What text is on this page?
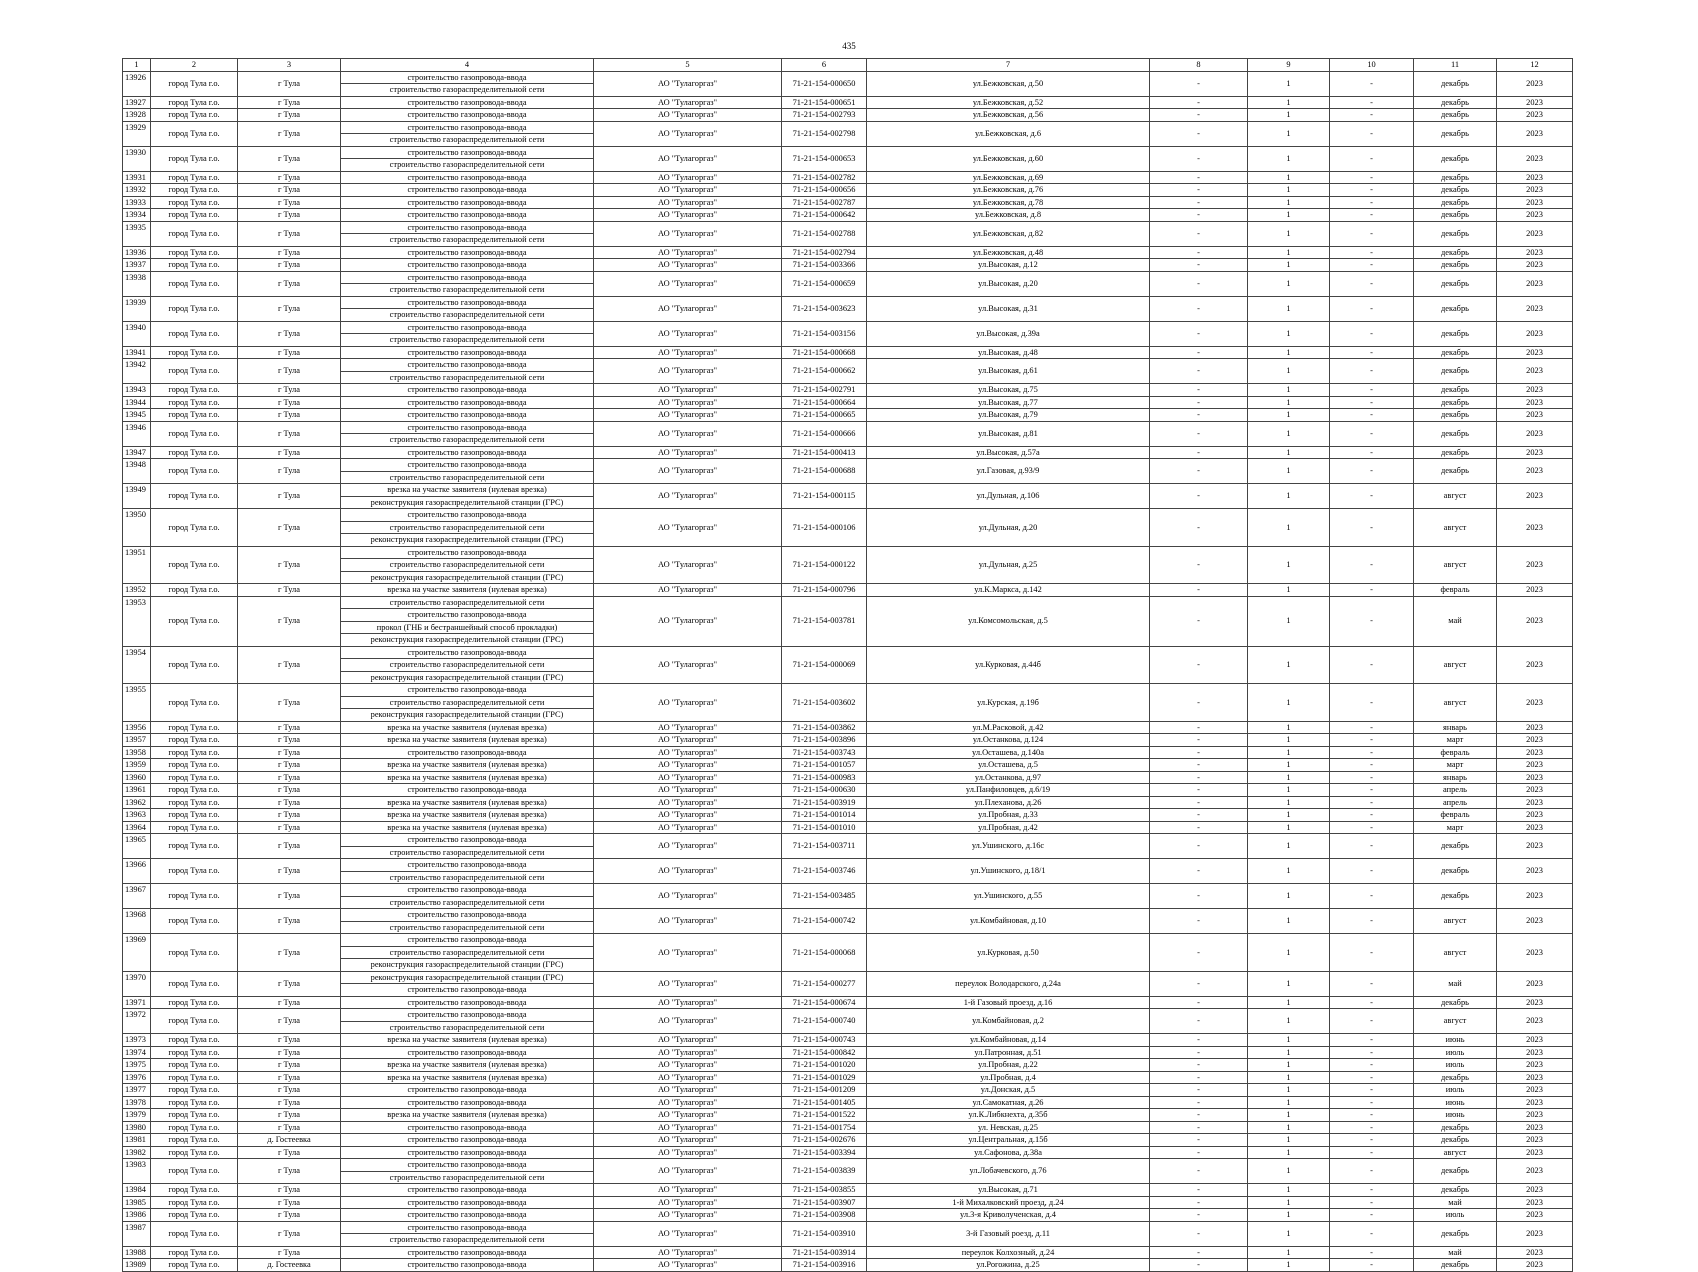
435
1	2	3	4	5	6	7	8	9	10	11	12
13926	город Тула г.о.	г Тула	строительство газопровода-ввода
строительство газораспределительной сети	АО "Тулагоргаз"	71-21-154-000650	ул.Бежковская, д.50	-	1	-	декабрь	2023
13927	город Тула г.о.	г Тула	строительство газопровода-ввода	АО "Тулагоргаз"	71-21-154-000651	ул.Бежковская, д.52	-	1	-	декабрь	2023
13928	город Тула г.о.	г Тула	строительство газопровода-ввода	АО "Тулагоргаз"	71-21-154-002793	ул.Бежковская, д.56	-	1	-	декабрь	2023
13929	город Тула г.о.	г Тула	строительство газопровода-ввода
строительство газораспределительной сети	АО "Тулагоргаз"	71-21-154-002798	ул.Бежковская, д.6	-	1	-	декабрь	2023
13930	город Тула г.о.	г Тула	строительство газопровода-ввода
строительство газораспределительной сети	АО "Тулагоргаз"	71-21-154-000653	ул.Бежковская, д.60	-	1	-	декабрь	2023
13931	город Тула г.о.	г Тула	строительство газопровода-ввода	АО "Тулагоргаз"	71-21-154-002782	ул.Бежковская, д.69	-	1	-	декабрь	2023
13932	город Тула г.о.	г Тула	строительство газопровода-ввода	АО "Тулагоргаз"	71-21-154-000656	ул.Бежковская, д.76	-	1	-	декабрь	2023
13933	город Тула г.о.	г Тула	строительство газопровода-ввода	АО "Тулагоргаз"	71-21-154-002787	ул.Бежковская, д.78	-	1	-	декабрь	2023
13934	город Тула г.о.	г Тула	строительство газопровода-ввода	АО "Тулагоргаз"	71-21-154-000642	ул.Бежковская, д.8	-	1	-	декабрь	2023
13935	город Тула г.о.	г Тула	строительство газопровода-ввода
строительство газораспределительной сети	АО "Тулагоргаз"	71-21-154-002788	ул.Бежковская, д.82	-	1	-	декабрь	2023
13936	город Тула г.о.	г Тула	строительство газопровода-ввода	АО "Тулагоргаз"	71-21-154-002794	ул.Бежковская, д.48	-	1	-	декабрь	2023
13937	город Тула г.о.	г Тула	строительство газопровода-ввода	АО "Тулагоргаз"	71-21-154-003366	ул.Высокая, д.12	-	1	-	декабрь	2023
13938	город Тула г.о.	г Тула	строительство газопровода-ввода
строительство газораспределительной сети	АО "Тулагоргаз"	71-21-154-000659	ул.Высокая, д.20	-	1	-	декабрь	2023
13939	город Тула г.о.	г Тула	строительство газопровода-ввода
строительство газораспределительной сети	АО "Тулагоргаз"	71-21-154-003623	ул.Высокая, д.31	-	1	-	декабрь	2023
13940	город Тула г.о.	г Тула	строительство газопровода-ввода
строительство газораспределительной сети	АО "Тулагоргаз"	71-21-154-003156	ул.Высокая, д.39а	-	1	-	декабрь	2023
13941	город Тула г.о.	г Тула	строительство газопровода-ввода	АО "Тулагоргаз"	71-21-154-000668	ул.Высокая, д.48	-	1	-	декабрь	2023
13942	город Тула г.о.	г Тула	строительство газопровода-ввода
строительство газораспределительной сети	АО "Тулагоргаз"	71-21-154-000662	ул.Высокая, д.61	-	1	-	декабрь	2023
13943	город Тула г.о.	г Тула	строительство газопровода-ввода	АО "Тулагоргаз"	71-21-154-002791	ул.Высокая, д.75	-	1	-	декабрь	2023
13944	город Тула г.о.	г Тула	строительство газопровода-ввода	АО "Тулагоргаз"	71-21-154-000664	ул.Высокая, д.77	-	1	-	декабрь	2023
13945	город Тула г.о.	г Тула	строительство газопровода-ввода	АО "Тулагоргаз"	71-21-154-000665	ул.Высокая, д.79	-	1	-	декабрь	2023
13946	город Тула г.о.	г Тула	строительство газопровода-ввода
строительство газораспределительной сети	АО "Тулагоргаз"	71-21-154-000666	ул.Высокая, д.81	-	1	-	декабрь	2023
13947	город Тула г.о.	г Тула	строительство газопровода-ввода	АО "Тулагоргаз"	71-21-154-000413	ул.Высокая, д.57а	-	1	-	декабрь	2023
13948	город Тула г.о.	г Тула	строительство газопровода-ввода
строительство газораспределительной сети	АО "Тулагоргаз"	71-21-154-000688	ул.Газовая, д.93/9	-	1	-	декабрь	2023
13949	город Тула г.о.	г Тула	врезка на участке заявителя (нулевая врезка)
реконструкция газораспределительной станции (ГРС)	АО "Тулагоргаз"	71-21-154-000115	ул.Дульная, д.106	-	1	-	август	2023
13950	город Тула г.о.	г Тула	строительство газопровода-ввода
строительство газораспределительной сети
реконструкция газораспределительной станции (ГРС)	АО "Тулагоргаз"	71-21-154-000106	ул.Дульная, д.20	-	1	-	август	2023
13951	город Тула г.о.	г Тула	строительство газопровода-ввода
строительство газораспределительной сети
реконструкция газораспределительной станции (ГРС)	АО "Тулагоргаз"	71-21-154-000122	ул.Дульная, д.25	-	1	-	август	2023
13952	город Тула г.о.	г Тула	врезка на участке заявителя (нулевая врезка)	АО "Тулагоргаз"	71-21-154-000796	ул.К.Маркса, д.142	-	1	-	февраль	2023
13953	город Тула г.о.	г Тула	строительство газораспределительной сети
строительство газопровода-ввода
прокол (ГНБ и бестраншейный способ прокладки)
реконструкция газораспределительной станции (ГРС)	АО "Тулагоргаз"	71-21-154-003781	ул.Комсомольская, д.5	-	1	-	май	2023
13954	город Тула г.о.	г Тула	строительство газопровода-ввода
строительство газораспределительной сети
реконструкция газораспределительной станции (ГРС)	АО "Тулагоргаз"	71-21-154-000069	ул.Курковая, д.44б	-	1	-	август	2023
13955	город Тула г.о.	г Тула	строительство газопровода-ввода
строительство газораспределительной сети
реконструкция газораспределительной станции (ГРС)	АО "Тулагоргаз"	71-21-154-003602	ул.Курская, д.19б	-	1	-	август	2023
13956	город Тула г.о.	г Тула	врезка на участке заявителя (нулевая врезка)	АО "Тулагоргаз"	71-21-154-003862	ул.М.Расковой, д.42	-	1	-	январь	2023
13957	город Тула г.о.	г Тула	врезка на участке заявителя (нулевая врезка)	АО "Тулагоргаз"	71-21-154-003896	ул.Останкова, д.124	-	1	-	март	2023
13958	город Тула г.о.	г Тула	строительство газопровода-ввода	АО "Тулагоргаз"	71-21-154-003743	ул.Осташева, д.140а	-	1	-	февраль	2023
13959	город Тула г.о.	г Тула	врезка на участке заявителя (нулевая врезка)	АО "Тулагоргаз"	71-21-154-001057	ул.Осташева, д.5	-	1	-	март	2023
13960	город Тула г.о.	г Тула	врезка на участке заявителя (нулевая врезка)	АО "Тулагоргаз"	71-21-154-000983	ул.Останкова, д.97	-	1	-	январь	2023
13961	город Тула г.о.	г Тула	строительство газопровода-ввода	АО "Тулагоргаз"	71-21-154-000630	ул.Панфиловцев, д.6/19	-	1	-	апрель	2023
13962	город Тула г.о.	г Тула	врезка на участке заявителя (нулевая врезка)	АО "Тулагоргаз"	71-21-154-003919	ул.Плеханова, д.26	-	1	-	апрель	2023
13963	город Тула г.о.	г Тула	врезка на участке заявителя (нулевая врезка)	АО "Тулагоргаз"	71-21-154-001014	ул.Пробная, д.33	-	1	-	февраль	2023
13964	город Тула г.о.	г Тула	врезка на участке заявителя (нулевая врезка)	АО "Тулагоргаз"	71-21-154-001010	ул.Пробная, д.42	-	1	-	март	2023
13965	город Тула г.о.	г Тула	строительство газопровода-ввода
строительство газораспределительной сети	АО "Тулагоргаз"	71-21-154-003711	ул.Ушинского, д.16с	-	1	-	декабрь	2023
13966	город Тула г.о.	г Тула	строительство газопровода-ввода
строительство газораспределительной сети	АО "Тулагоргаз"	71-21-154-003746	ул.Ушинского, д.18/1	-	1	-	декабрь	2023
13967	город Тула г.о.	г Тула	строительство газопровода-ввода
строительство газораспределительной сети	АО "Тулагоргаз"	71-21-154-003485	ул.Ушинского, д.55	-	1	-	декабрь	2023
13968	город Тула г.о.	г Тула	строительство газопровода-ввода
строительство газораспределительной сети	АО "Тулагоргаз"	71-21-154-000742	ул.Комбайновая, д.10	-	1	-	август	2023
13969	город Тула г.о.	г Тула	строительство газопровода-ввода
строительство газораспределительной сети
реконструкция газораспределительной станции (ГРС)	АО "Тулагоргаз"	71-21-154-000068	ул.Курковая, д.50	-	1	-	август	2023
13970	город Тула г.о.	г Тула	реконструкция газораспределительной станции (ГРС)
строительство газопровода-ввода	АО "Тулагоргаз"	71-21-154-000277	переулок Володарского, д.24а	-	1	-	май	2023
13971	город Тула г.о.	г Тула	строительство газопровода-ввода	АО "Тулагоргаз"	71-21-154-000674	1-й Газовый проезд, д.16	-	1	-	декабрь	2023
13972	город Тула г.о.	г Тула	строительство газопровода-ввода
строительство газораспределительной сети	АО "Тулагоргаз"	71-21-154-000740	ул.Комбайновая, д.2	-	1	-	август	2023
13973	город Тула г.о.	г Тула	врезка на участке заявителя (нулевая врезка)	АО "Тулагоргаз"	71-21-154-000743	ул.Комбайновая, д.14	-	1	-	июнь	2023
13974	город Тула г.о.	г Тула	строительство газопровода-ввода	АО "Тулагоргаз"	71-21-154-000842	ул.Патронная, д.51	-	1	-	июль	2023
13975	город Тула г.о.	г Тула	врезка на участке заявителя (нулевая врезка)	АО "Тулагоргаз"	71-21-154-001020	ул.Пробная, д.22	-	1	-	июль	2023
13976	город Тула г.о.	г Тула	врезка на участке заявителя (нулевая врезка)	АО "Тулагоргаз"	71-21-154-001029	ул.Пробная, д.4	-	1	-	декабрь	2023
13977	город Тула г.о.	г Тула	строительство газопровода-ввода	АО "Тулагоргаз"	71-21-154-001209	ул.Донская, д.5	-	1	-	июль	2023
13978	город Тула г.о.	г Тула	строительство газопровода-ввода	АО "Тулагоргаз"	71-21-154-001405	ул.Самокатная, д.26	-	1	-	июнь	2023
13979	город Тула г.о.	г Тула	врезка на участке заявителя (нулевая врезка)	АО "Тулагоргаз"	71-21-154-001522	ул.К.Либкнехта, д.35б	-	1	-	июнь	2023
13980	город Тула г.о.	г Тула	строительство газопровода-ввода	АО "Тулагоргаз"	71-21-154-001754	ул. Невская, д.25	-	1	-	декабрь	2023
13981	город Тула г.о.	д. Гостеевка	строительство газопровода-ввода	АО "Тулагоргаз"	71-21-154-002676	ул.Центральная, д.15б	-	1	-	декабрь	2023
13982	город Тула г.о.	г Тула	строительство газопровода-ввода	АО "Тулагоргаз"	71-21-154-003394	ул.Сафонова, д.38а	-	1	-	август	2023
13983	город Тула г.о.	г Тула	строительство газопровода-ввода
строительство газораспределительной сети	АО "Тулагоргаз"	71-21-154-003839	ул.Лобачевского, д.76	-	1	-	декабрь	2023
13984	город Тула г.о.	г Тула	строительство газопровода-ввода	АО "Тулагоргаз"	71-21-154-003855	ул.Высокая, д.71	-	1	-	декабрь	2023
13985	город Тула г.о.	г Тула	строительство газопровода-ввода	АО "Тулагоргаз"	71-21-154-003907	1-й Михалковский проезд, д.24	-	1	-	май	2023
13986	город Тула г.о.	г Тула	строительство газопровода-ввода	АО "Тулагоргаз"	71-21-154-003908	ул.3-я Криволученская, д.4	-	1	-	июль	2023
13987	город Тула г.о.	г Тула	строительство газопровода-ввода
строительство газораспределительной сети	АО "Тулагоргаз"	71-21-154-003910	3-й Газовый роезд, д.11	-	1	-	декабрь	2023
13988	город Тула г.о.	г Тула	строительство газопровода-ввода	АО "Тулагоргаз"	71-21-154-003914	переулок Колхозный, д.24	-	1	-	май	2023
13989	город Тула г.о.	д. Гостеевка	строительство газопровода-ввода	АО "Тулагоргаз"	71-21-154-003916	ул.Рогожина, д.25	-	1	-	декабрь	2023
